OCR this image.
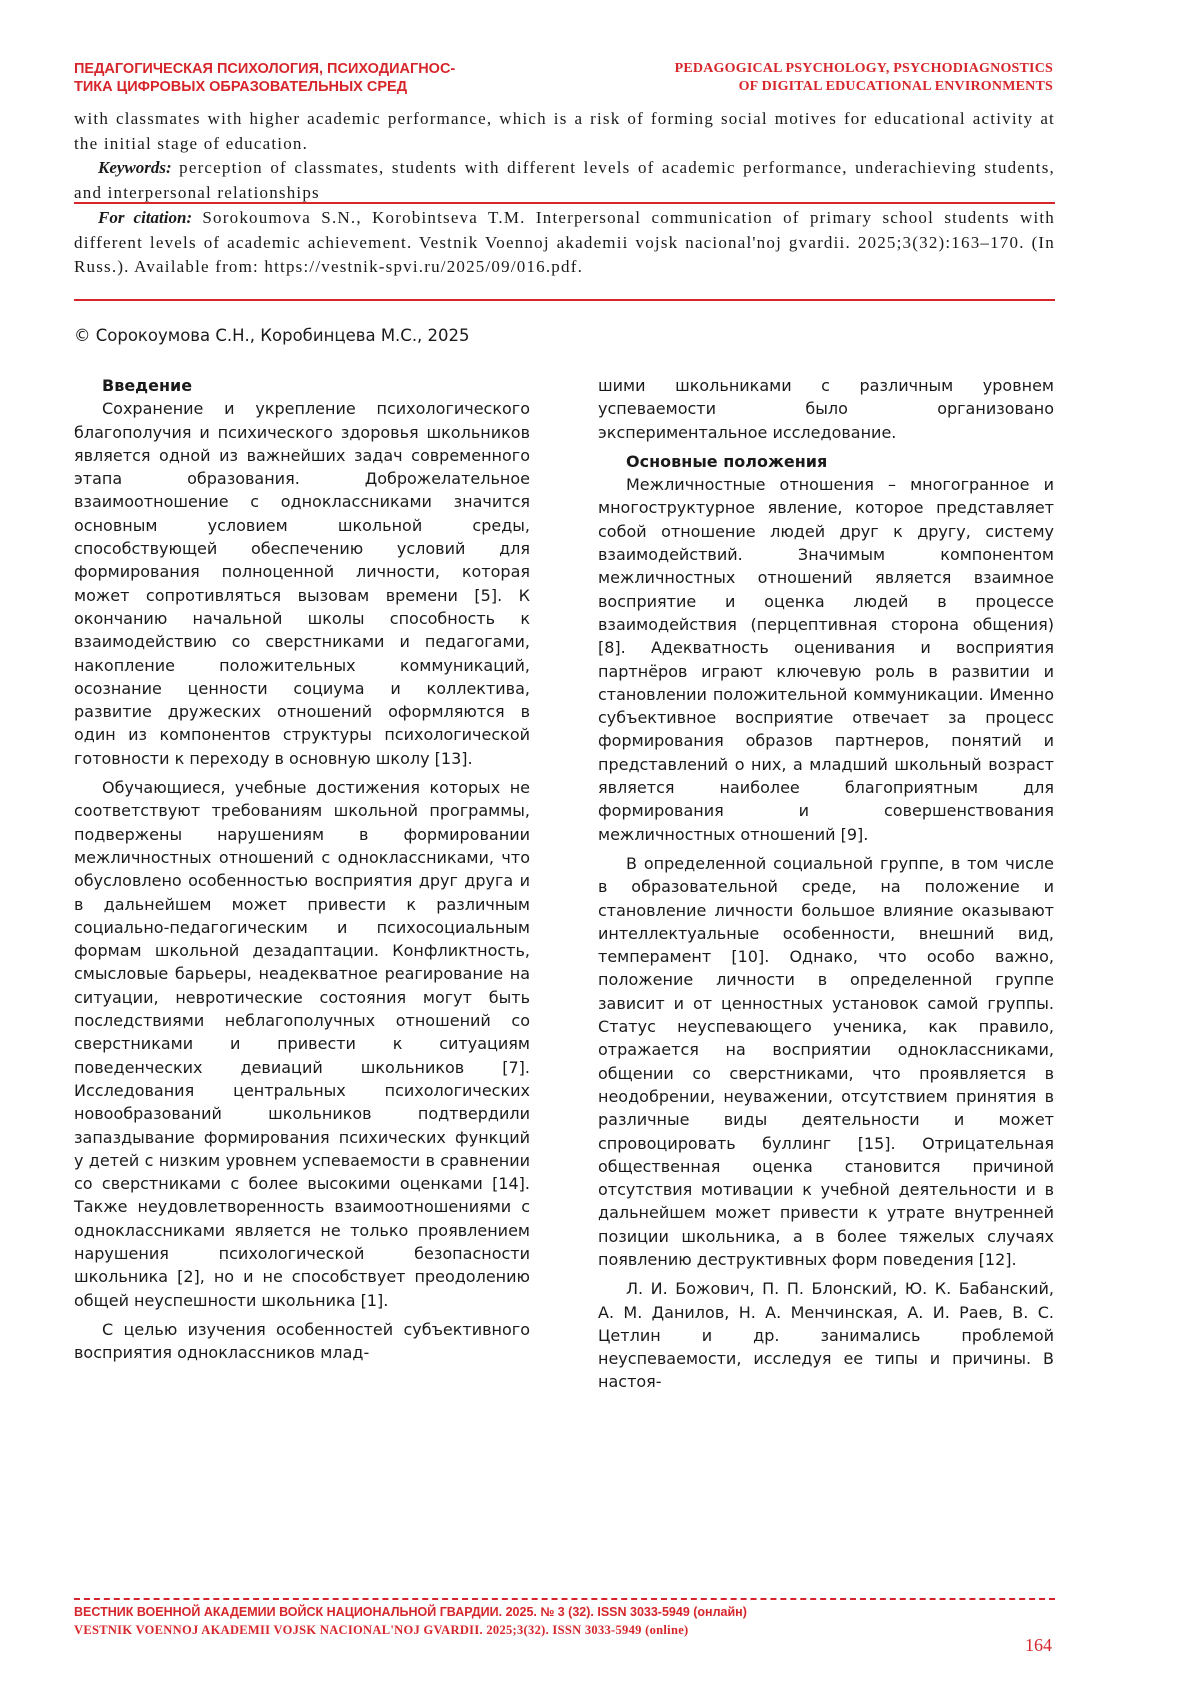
ПЕДАГОГИЧЕСКАЯ ПСИХОЛОГИЯ, ПСИХОДИАГНОС-
ТИКА ЦИФРОВЫХ ОБРАЗОВАТЕЛЬНЫХ СРЕД
PEDAGOGICAL PSYCHOLOGY, PSYCHODIAGNOSTICS
OF DIGITAL EDUCATIONAL ENVIRONMENTS

with classmates with higher academic performance, which is a risk of forming social motives for educational activity at the initial stage of education.

Keywords: perception of classmates, students with different levels of academic performance, underachieving students, and interpersonal relationships

For citation: Sorokoumova S.N., Korobintseva T.M. Interpersonal communication of primary school students with different levels of academic achievement. Vestnik Voennoj akademii vojsk nacional'noj gvardii. 2025;3(32):163–170. (In Russ.). Available from: https://vestnik-spvi.ru/2025/09/016.pdf.

© Сорокоумова С.Н., Коробинцева М.С., 2025

Введение

Сохранение и укрепление психологического благополучия и психического здоровья школьников является одной из важнейших задач современного этапа образования. Доброжелательное взаимоотношение с одноклассниками значится основным условием школьной среды, способствующей обеспечению условий для формирования полноценной личности, которая может сопротивляться вызовам времени [5]. К окончанию начальной школы способность к взаимодействию со сверстниками и педагогами, накопление положительных коммуникаций, осознание ценности социума и коллектива, развитие дружеских отношений оформляются в один из компонентов структуры психологической готовности к переходу в основную школу [13].

Обучающиеся, учебные достижения которых не соответствуют требованиям школьной программы, подвержены нарушениям в формировании межличностных отношений с одноклассниками, что обусловлено особенностью восприятия друг друга и в дальнейшем может привести к различным социально-педагогическим и психосоциальным формам школьной дезадаптации. Конфликтность, смысловые барьеры, неадекватное реагирование на ситуации, невротические состояния могут быть последствиями неблагополучных отношений со сверстниками и привести к ситуациям поведенческих девиаций школьников [7]. Исследования центральных психологических новообразований школьников подтвердили запаздывание формирования психических функций у детей с низким уровнем успеваемости в сравнении со сверстниками с более высокими оценками [14]. Также неудовлетворенность взаимоотношениями с одноклассниками является не только проявлением нарушения психологической безопасности школьника [2], но и не способствует преодолению общей неуспешности школьника [1].

С целью изучения особенностей субъективного восприятия одноклассников млад-

шими школьниками с различным уровнем успеваемости было организовано экспериментальное исследование.

Основные положения

Межличностные отношения – многогранное и многоструктурное явление, которое представляет собой отношение людей друг к другу, систему взаимодействий. Значимым компонентом межличностных отношений является взаимное восприятие и оценка людей в процессе взаимодействия (перцептивная сторона общения) [8]. Адекватность оценивания и восприятия партнёров играют ключевую роль в развитии и становлении положительной коммуникации. Именно субъективное восприятие отвечает за процесс формирования образов партнеров, понятий и представлений о них, а младший школьный возраст является наиболее благоприятным для формирования и совершенствования межличностных отношений [9].

В определенной социальной группе, в том числе в образовательной среде, на положение и становление личности большое влияние оказывают интеллектуальные особенности, внешний вид, темперамент [10]. Однако, что особо важно, положение личности в определенной группе зависит и от ценностных установок самой группы. Статус неуспевающего ученика, как правило, отражается на восприятии одноклассниками, общении со сверстниками, что проявляется в неодобрении, неуважении, отсутствием принятия в различные виды деятельности и может спровоцировать буллинг [15]. Отрицательная общественная оценка становится причиной отсутствия мотивации к учебной деятельности и в дальнейшем может привести к утрате внутренней позиции школьника, а в более тяжелых случаях появлению деструктивных форм поведения [12].

Л. И. Божович, П. П. Блонский, Ю. К. Бабанский, А. М. Данилов, Н. А. Менчинская, А. И. Раев, В. С. Цетлин и др. занимались проблемой неуспеваемости, исследуя ее типы и причины. В настоя-

ВЕСТНИК ВОЕННОЙ АКАДЕМИИ ВОЙСК НАЦИОНАЛЬНОЙ ГВАРДИИ. 2025. № 3 (32). ISSN 3033-5949 (онлайн)

VESTNIK VOENNOJ AKADEMII VOJSK NACIONAL'NOJ GVARDII. 2025;3(32). ISSN 3033-5949 (online)

164
